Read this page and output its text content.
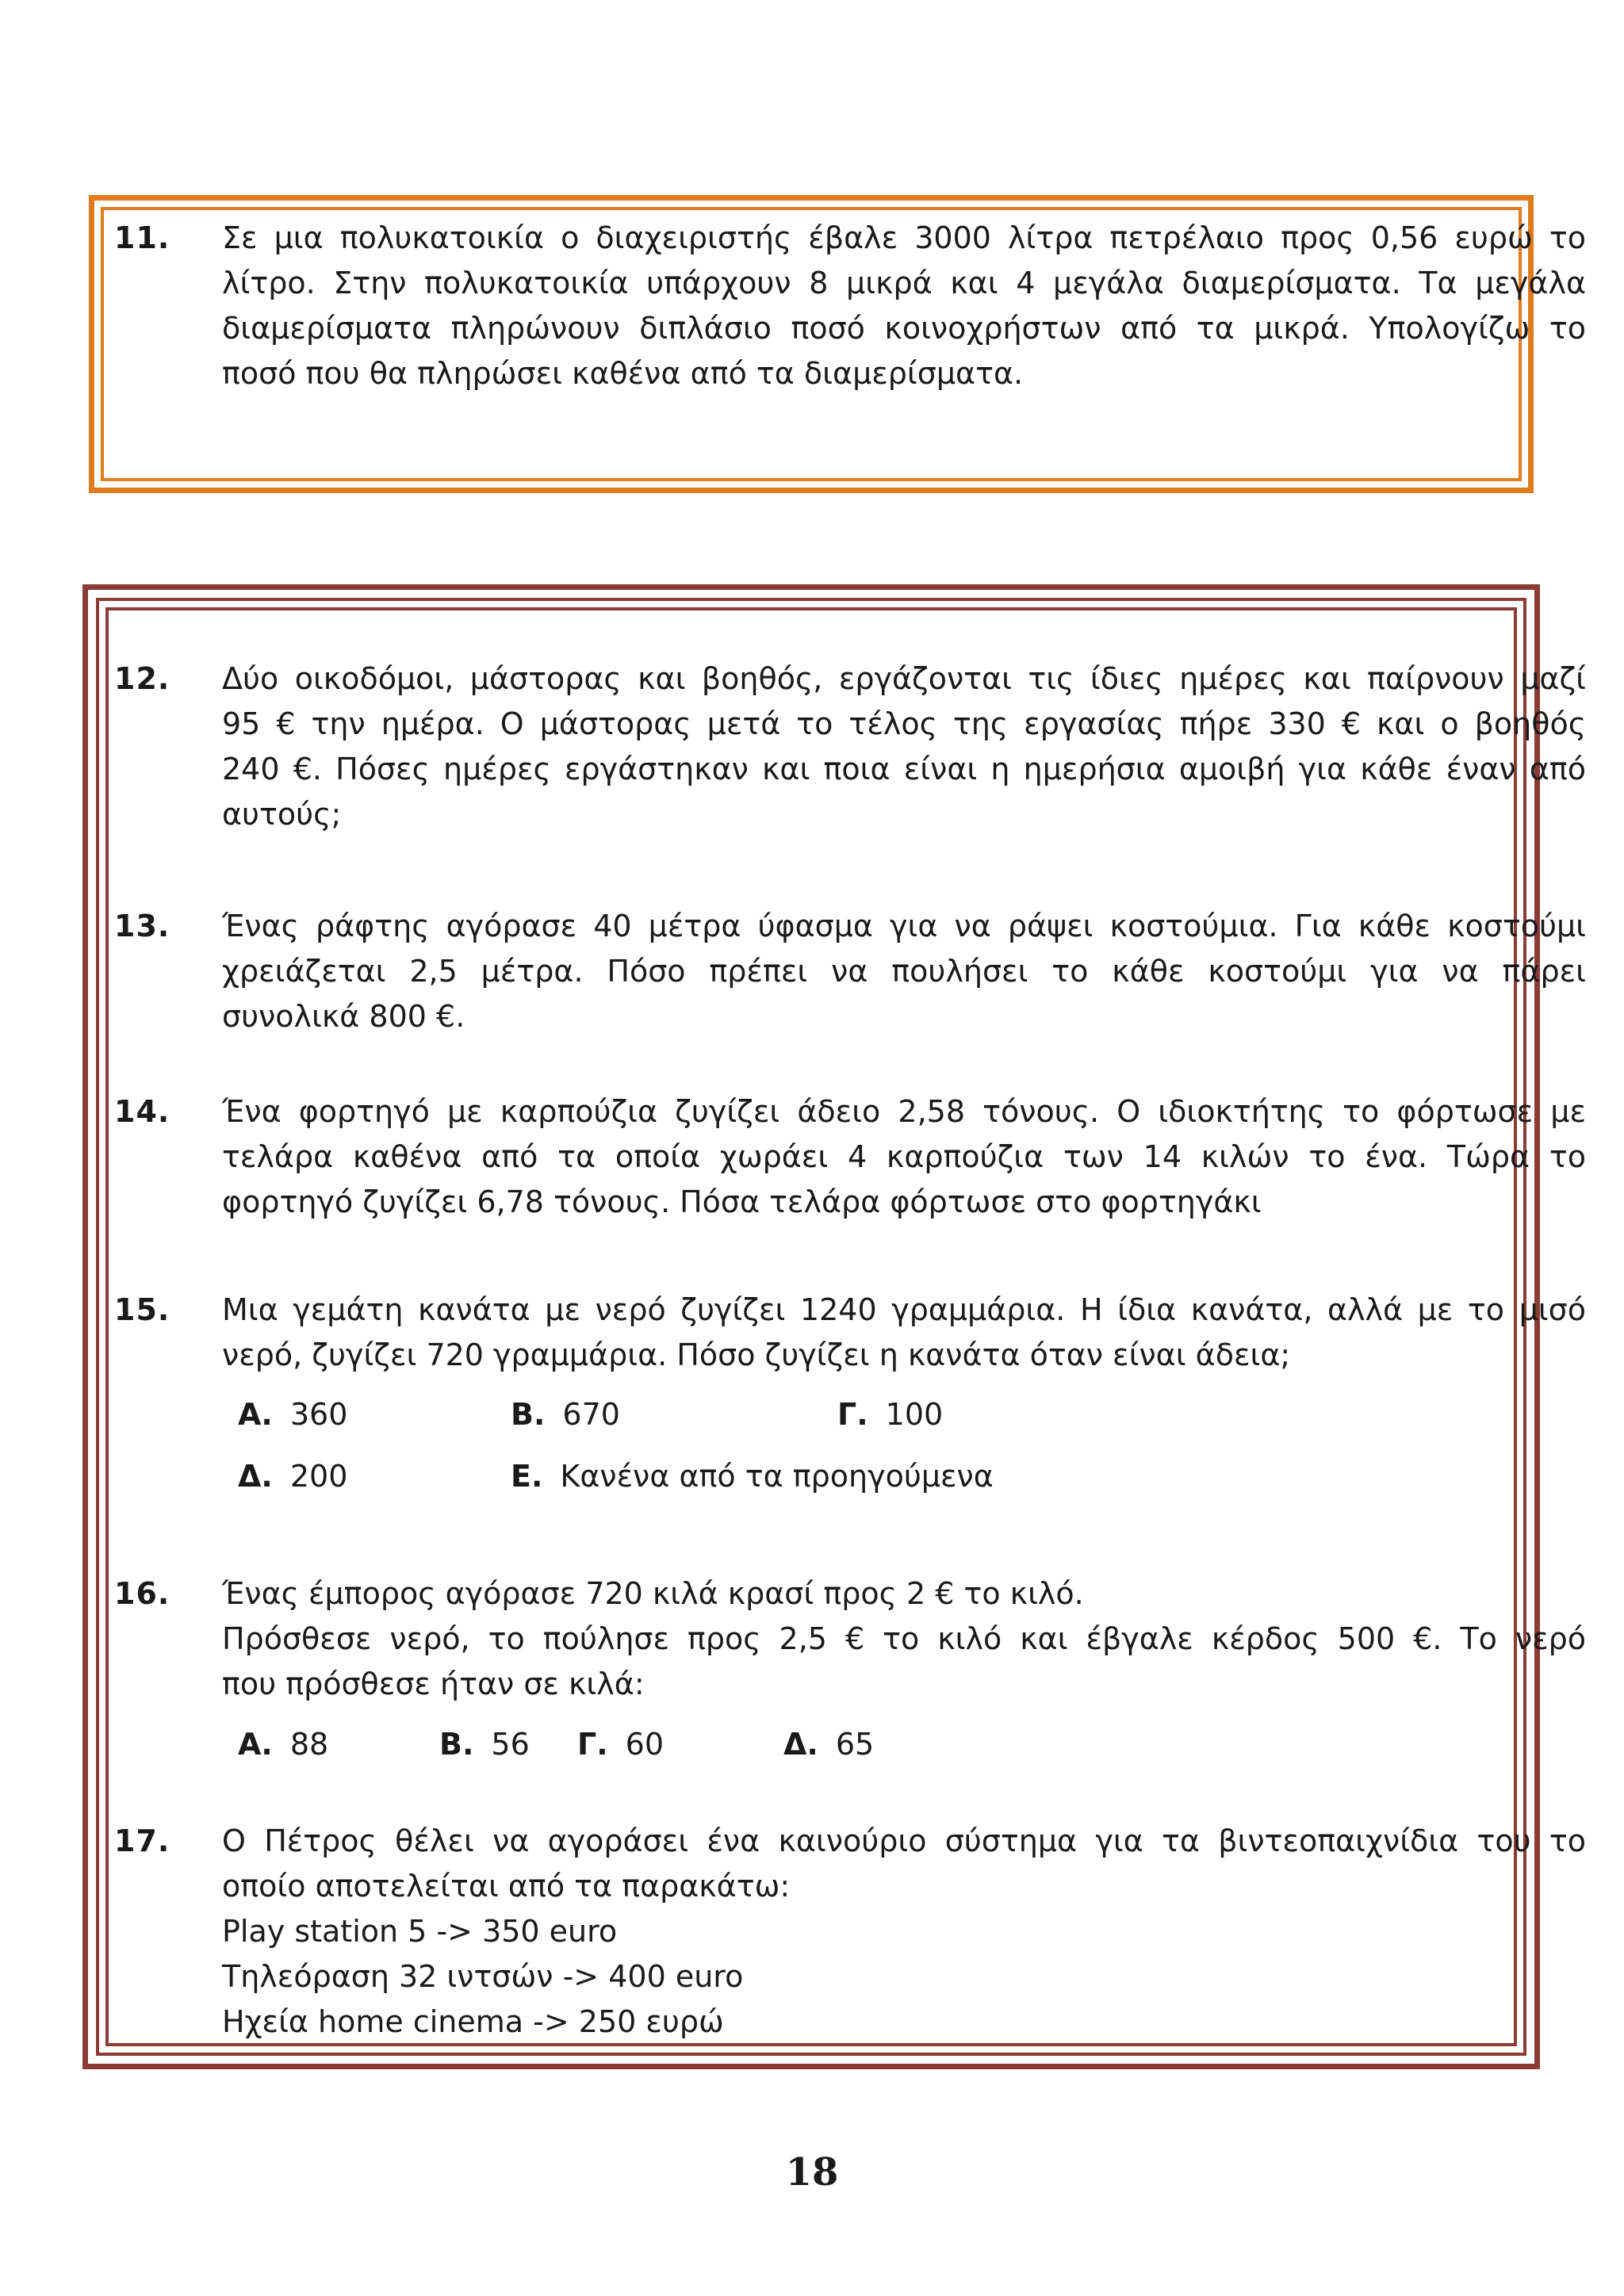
11. Σε μια πολυκατοικία ο διαχειριστής έβαλε 3000 λίτρα πετρέλαιο προς 0,56 ευρώ το
λίτρο. Στην πολυκατοικία υπάρχουν 8 μικρά και 4 μεγάλα διαμερίσματα. Τα μεγάλα
διαμερίσματα πληρώνουν διπλάσιο ποσό κοινοχρήστων από τα μικρά. Υπολογίζω το
ποσό που θα πληρώσει καθένα από τα διαμερίσματα.
12. Δύο οικοδόμοι, μάστορας και βοηθός, εργάζονται τις ίδιες ημέρες και παίρνουν μαζί
95 € την ημέρα. Ο μάστορας μετά το τέλος της εργασίας πήρε 330 € και ο βοηθός
240 €. Πόσες ημέρες εργάστηκαν και ποια είναι η ημερήσια αμοιβή για κάθε έναν από
αυτούς;
13. Ένας ράφτης αγόρασε 40 μέτρα ύφασμα για να ράψει κοστούμια. Για κάθε κοστούμι
χρειάζεται 2,5 μέτρα. Πόσο πρέπει να πουλήσει το κάθε κοστούμι για να πάρει
συνολικά 800 €.
14. Ένα φορτηγό με καρπούζια ζυγίζει άδειο 2,58 τόνους. Ο ιδιοκτήτης το φόρτωσε με
τελάρα καθένα από τα οποία χωράει 4 καρπούζια των 14 κιλών το ένα. Τώρα το
φορτηγό ζυγίζει 6,78 τόνους. Πόσα τελάρα φόρτωσε στο φορτηγάκι
15. Μια γεμάτη κανάτα με νερό ζυγίζει 1240 γραμμάρια. Η ίδια κανάτα, αλλά με το μισό
νερό, ζυγίζει 720 γραμμάρια. Πόσο ζυγίζει η κανάτα όταν είναι άδεια;
Α. 360	Β. 670	Γ. 100
Δ. 200	Ε. Κανένα από τα προηγούμενα
16. Ένας έμπορος αγόρασε 720 κιλά κρασί προς 2 € το κιλό.
Πρόσθεσε νερό, το πούλησε προς 2,5 € το κιλό και έβγαλε κέρδος 500 €. Το νερό
που πρόσθεσε ήταν σε κιλά:
Α. 88	Β. 56 Γ. 60	Δ. 65
17. Ο Πέτρος θέλει να αγοράσει ένα καινούριο σύστημα για τα βιντεοπαιχνίδια του το
οποίο αποτελείται από τα παρακάτω:
Play station 5 -> 350 euro
Τηλεόραση 32 ιντσών -> 400 euro
Ηχεία home cinema -> 250 ευρώ
18
